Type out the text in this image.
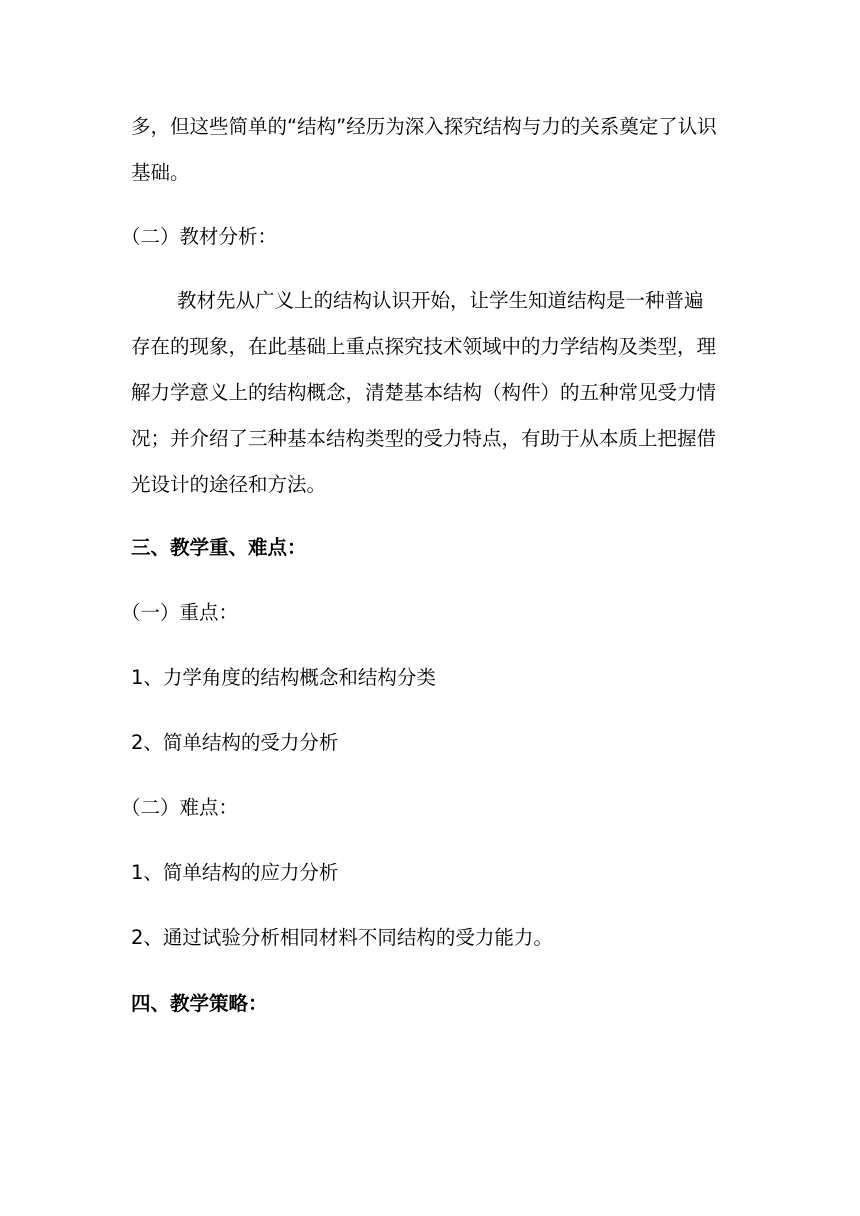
多，但这些简单的“结构”经历为深入探究结构与力的关系奠定了认识
基础。
（二）教材分析：
教材先从广义上的结构认识开始，让学生知道结构是一种普遍
存在的现象，在此基础上重点探究技术领域中的力学结构及类型，理
解力学意义上的结构概念，清楚基本结构（构件）的五种常见受力情
况；并介绍了三种基本结构类型的受力特点，有助于从本质上把握借
光设计的途径和方法。
三、教学重、难点：
（一）重点：
1、力学角度的结构概念和结构分类
2、简单结构的受力分析
（二）难点：
1、简单结构的应力分析
2、通过试验分析相同材料不同结构的受力能力。
四、教学策略：
